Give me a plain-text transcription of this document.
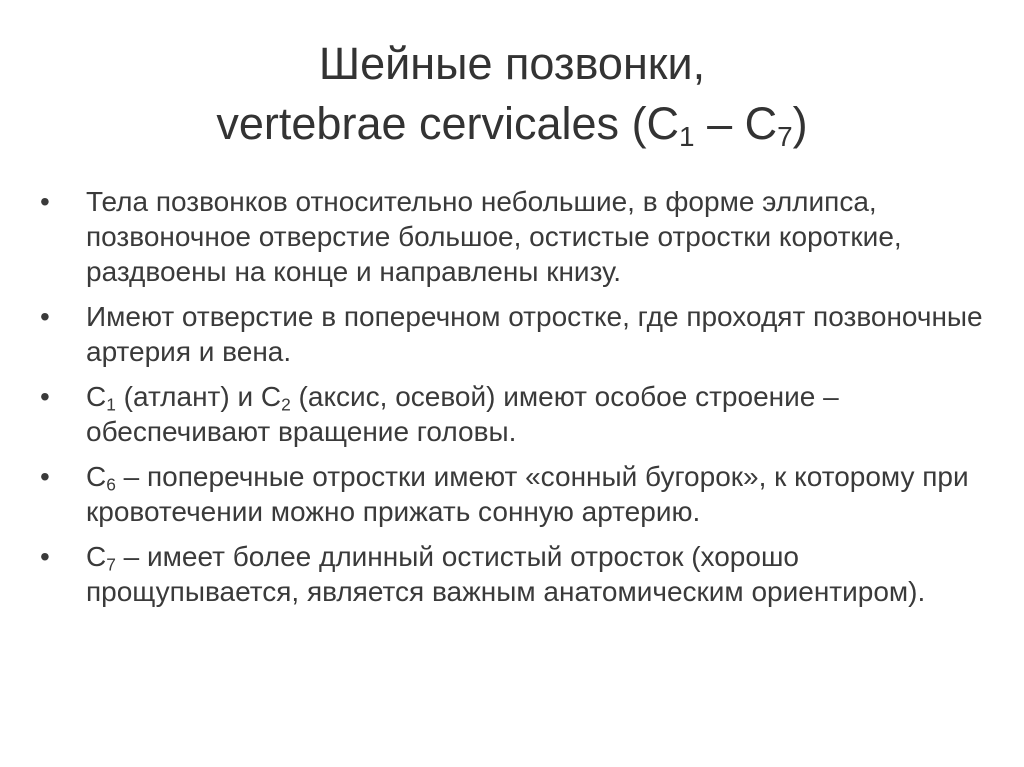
Шейные позвонки,
vertebrae cervicales $(C_1 - C_7)$
• Тела позвонков относительно небольшие, в форме эллипса, позвоночное отверстие большое, остистые отростки короткие, раздвоены на конце и направлены книзу.
• Имеют отверстие в поперечном отростке, где проходят позвоночные артерия и вена.
• $C_1$ (атлант) и $C_2$ (аксис, осевой) имеют особое строение – обеспечивают вращение головы.
• $C_6$ – поперечные отростки имеют «сонный бугорок», к которому при кровотечении можно прижать сонную артерию.
• $C_7$ – имеет более длинный остистый отросток (хорошо прощупывается, является важным анатомическим ориентиром).
